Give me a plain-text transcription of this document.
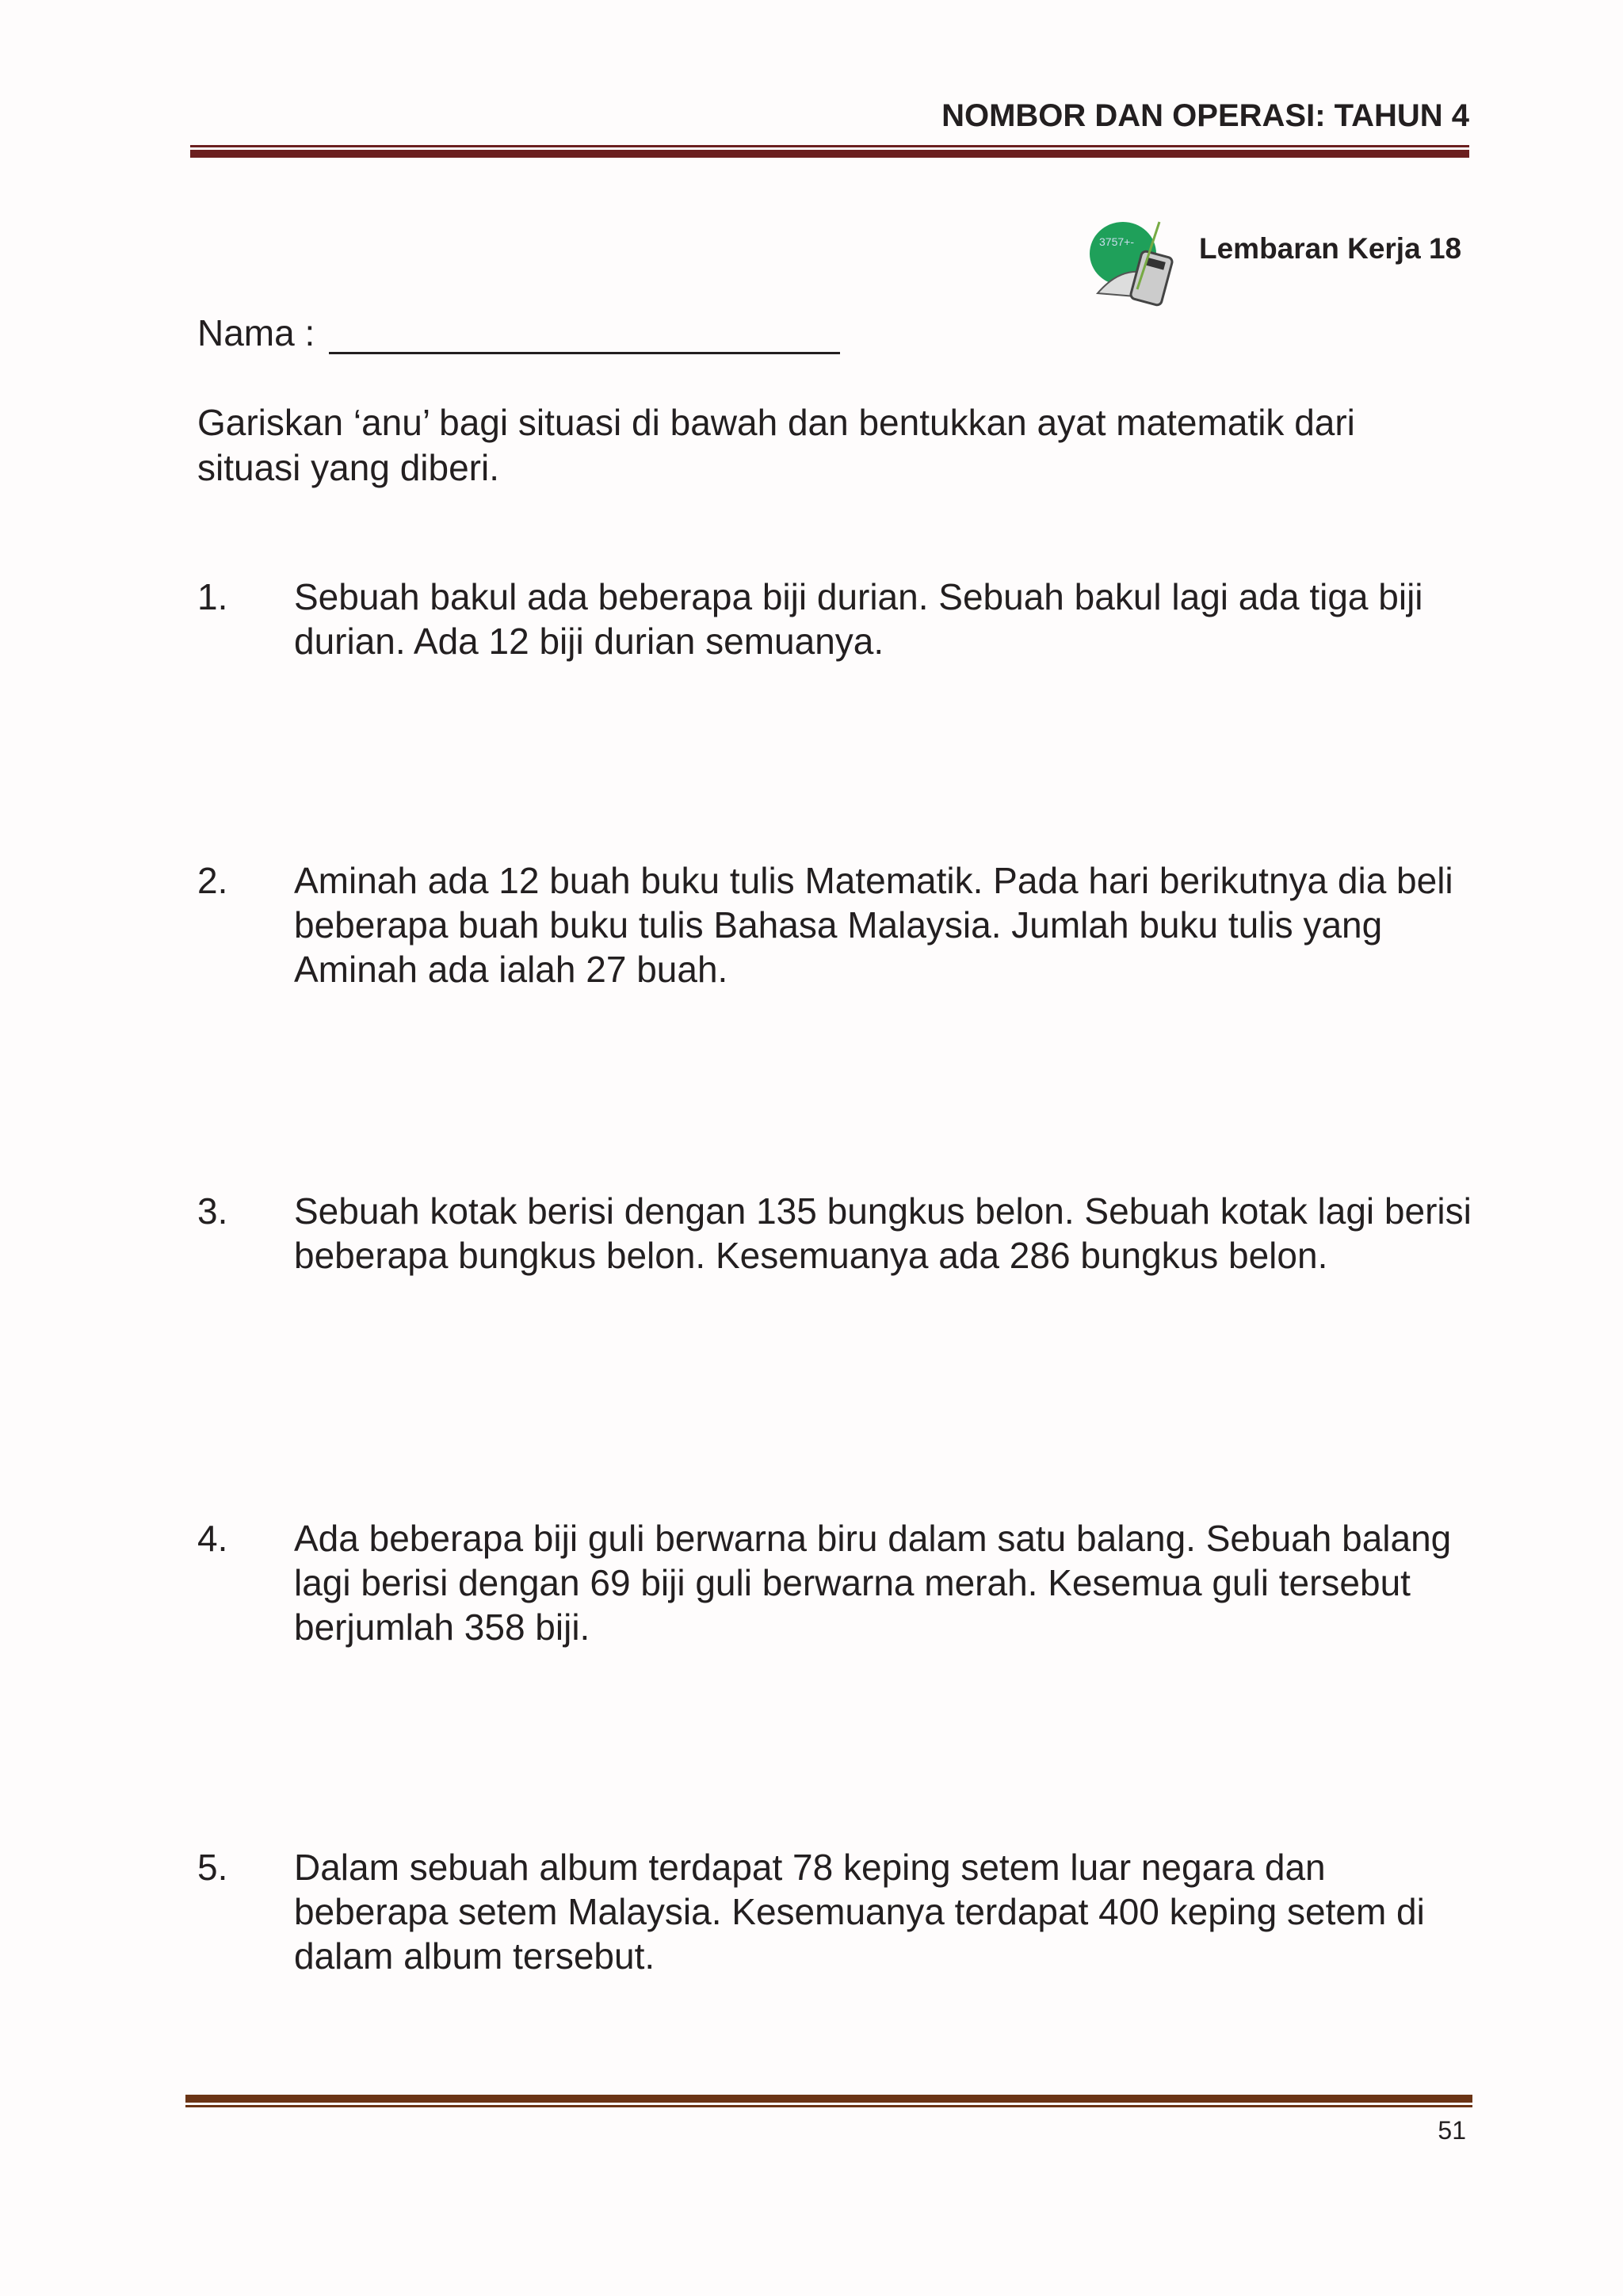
NOMBOR DAN OPERASI: TAHUN 4
3757+- Lembaran Kerja 18
Nama :
Gariskan ‘anu’ bagi situasi di bawah dan bentukkan ayat matematik dari situasi yang diberi.
1. Sebuah bakul ada beberapa biji durian. Sebuah bakul lagi ada tiga biji durian. Ada 12 biji durian semuanya.
2. Aminah ada 12 buah buku tulis Matematik. Pada hari berikutnya dia beli beberapa buah buku tulis Bahasa Malaysia. Jumlah buku tulis yang Aminah ada ialah 27 buah.
3. Sebuah kotak berisi dengan 135 bungkus belon. Sebuah kotak lagi berisi beberapa bungkus belon. Kesemuanya ada 286 bungkus belon.
4. Ada beberapa biji guli berwarna biru dalam satu balang. Sebuah balang lagi berisi dengan 69 biji guli berwarna merah. Kesemua guli tersebut berjumlah 358 biji.
5. Dalam sebuah album terdapat 78 keping setem luar negara dan beberapa setem Malaysia. Kesemuanya terdapat 400 keping setem di dalam album tersebut.
51
